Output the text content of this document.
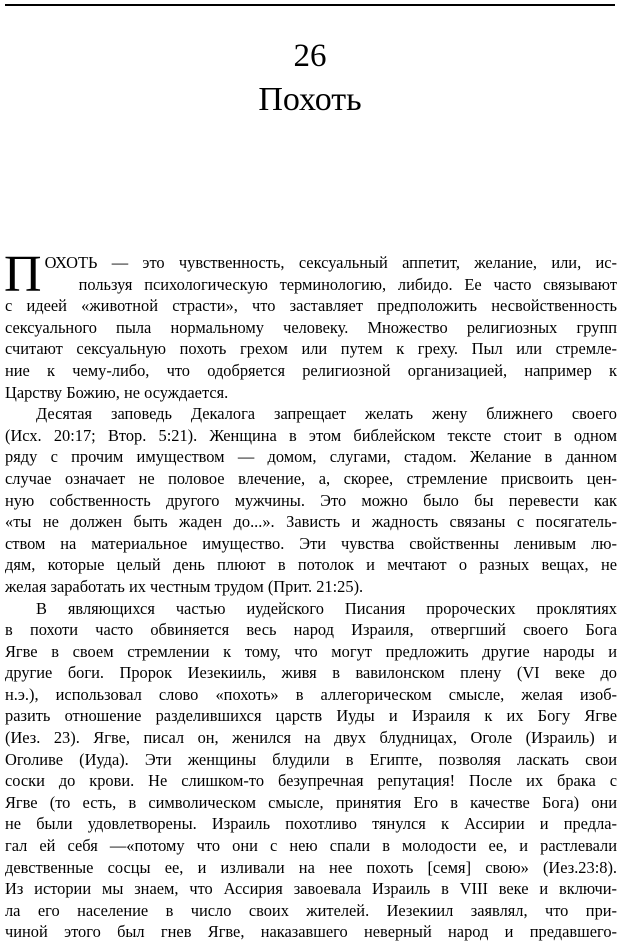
26
Похоть
П ОХОТЬ — это чувственность, сексуальный аппетит, желание, или, ис-
пользуя психологическую терминологию, либидо. Ее часто связывают
с идеей «животной страсти», что заставляет предположить несвойственность
сексуального пыла нормальному человеку. Множество религиозных групп
считают сексуальную похоть грехом или путем к греху. Пыл или стремле-
ние к чему-либо, что одобряется религиозной организацией, например к
Царству Божию, не осуждается.
Десятая заповедь Декалога запрещает желать жену ближнего своего
(Исх. 20:17; Втор. 5:21). Женщина в этом библейском тексте стоит в одном
ряду с прочим имуществом — домом, слугами, стадом. Желание в данном
случае означает не половое влечение, а, скорее, стремление присвоить цен-
ную собственность другого мужчины. Это можно было бы перевести как
«ты не должен быть жаден до...». Зависть и жадность связаны с посягатель-
ством на материальное имущество. Эти чувства свойственны ленивым лю-
дям, которые целый день плюют в потолок и мечтают о разных вещах, не
желая заработать их честным трудом (Прит. 21:25).
В являющихся частью иудейского Писания пророческих проклятиях
в похоти часто обвиняется весь народ Израиля, отвергший своего Бога
Ягве в своем стремлении к тому, что могут предложить другие народы и
другие боги. Пророк Иезекииль, живя в вавилонском плену (VI веке до
н.э.), использовал слово «похоть» в аллегорическом смысле, желая изоб-
разить отношение разделившихся царств Иуды и Израиля к их Богу Ягве
(Иез. 23). Ягве, писал он, женился на двух блудницах, Оголе (Израиль) и
Оголиве (Иуда). Эти женщины блудили в Египте, позволяя ласкать свои
соски до крови. Не слишком-то безупречная репутация! После их брака с
Ягве (то есть, в символическом смысле, принятия Его в качестве Бога) они
не были удовлетворены. Израиль похотливо тянулся к Ассирии и предла-
гал ей себя —«потому что они с нею спали в молодости ее, и растлевали
девственные сосцы ее, и изливали на нее похоть [семя] свою» (Иез.23:8).
Из истории мы знаем, что Ассирия завоевала Израиль в VIII веке и включи-
ла его население в число своих жителей. Иезекиил заявлял, что при-
чиной этого был гнев Ягве, наказавшего неверный народ и предавшего-
